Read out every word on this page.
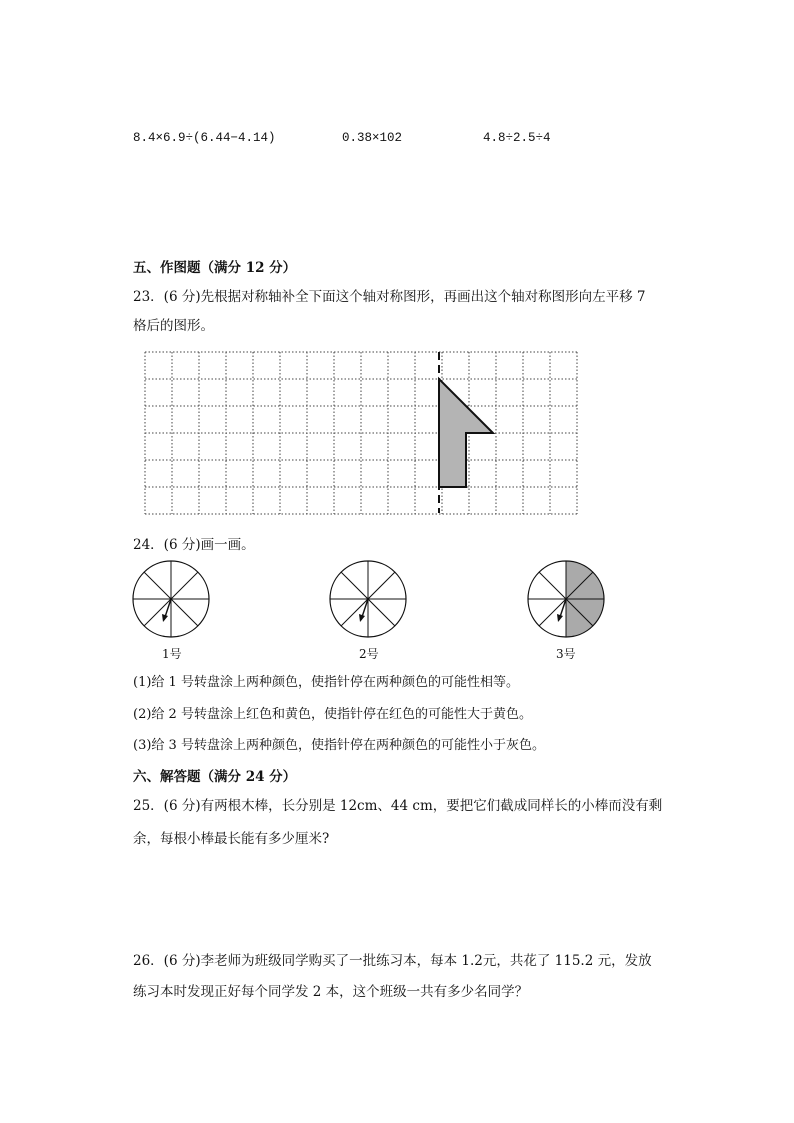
8.4×6.9÷(6.44−4.14)	0.38×102	4.8÷2.5÷4
五、作图题（满分 12 分）
23．(6 分)先根据对称轴补全下面这个轴对称图形，再画出这个轴对称图形向左平移 7
格后的图形。
24．(6 分)画一画。
1号	2号	3号
(1)给 1 号转盘涂上两种颜色，使指针停在两种颜色的可能性相等。
(2)给 2 号转盘涂上红色和黄色，使指针停在红色的可能性大于黄色。
(3)给 3 号转盘涂上两种颜色，使指针停在两种颜色的可能性小于灰色。
六、解答题（满分 24 分）
25．(6 分)有两根木棒，长分别是 12cm、44 cm，要把它们截成同样长的小棒而没有剩
余，每根小棒最长能有多少厘米?
26．(6 分)李老师为班级同学购买了一批练习本，每本 1.2元，共花了 115.2 元，发放
练习本时发现正好每个同学发 2 本，这个班级一共有多少名同学？
